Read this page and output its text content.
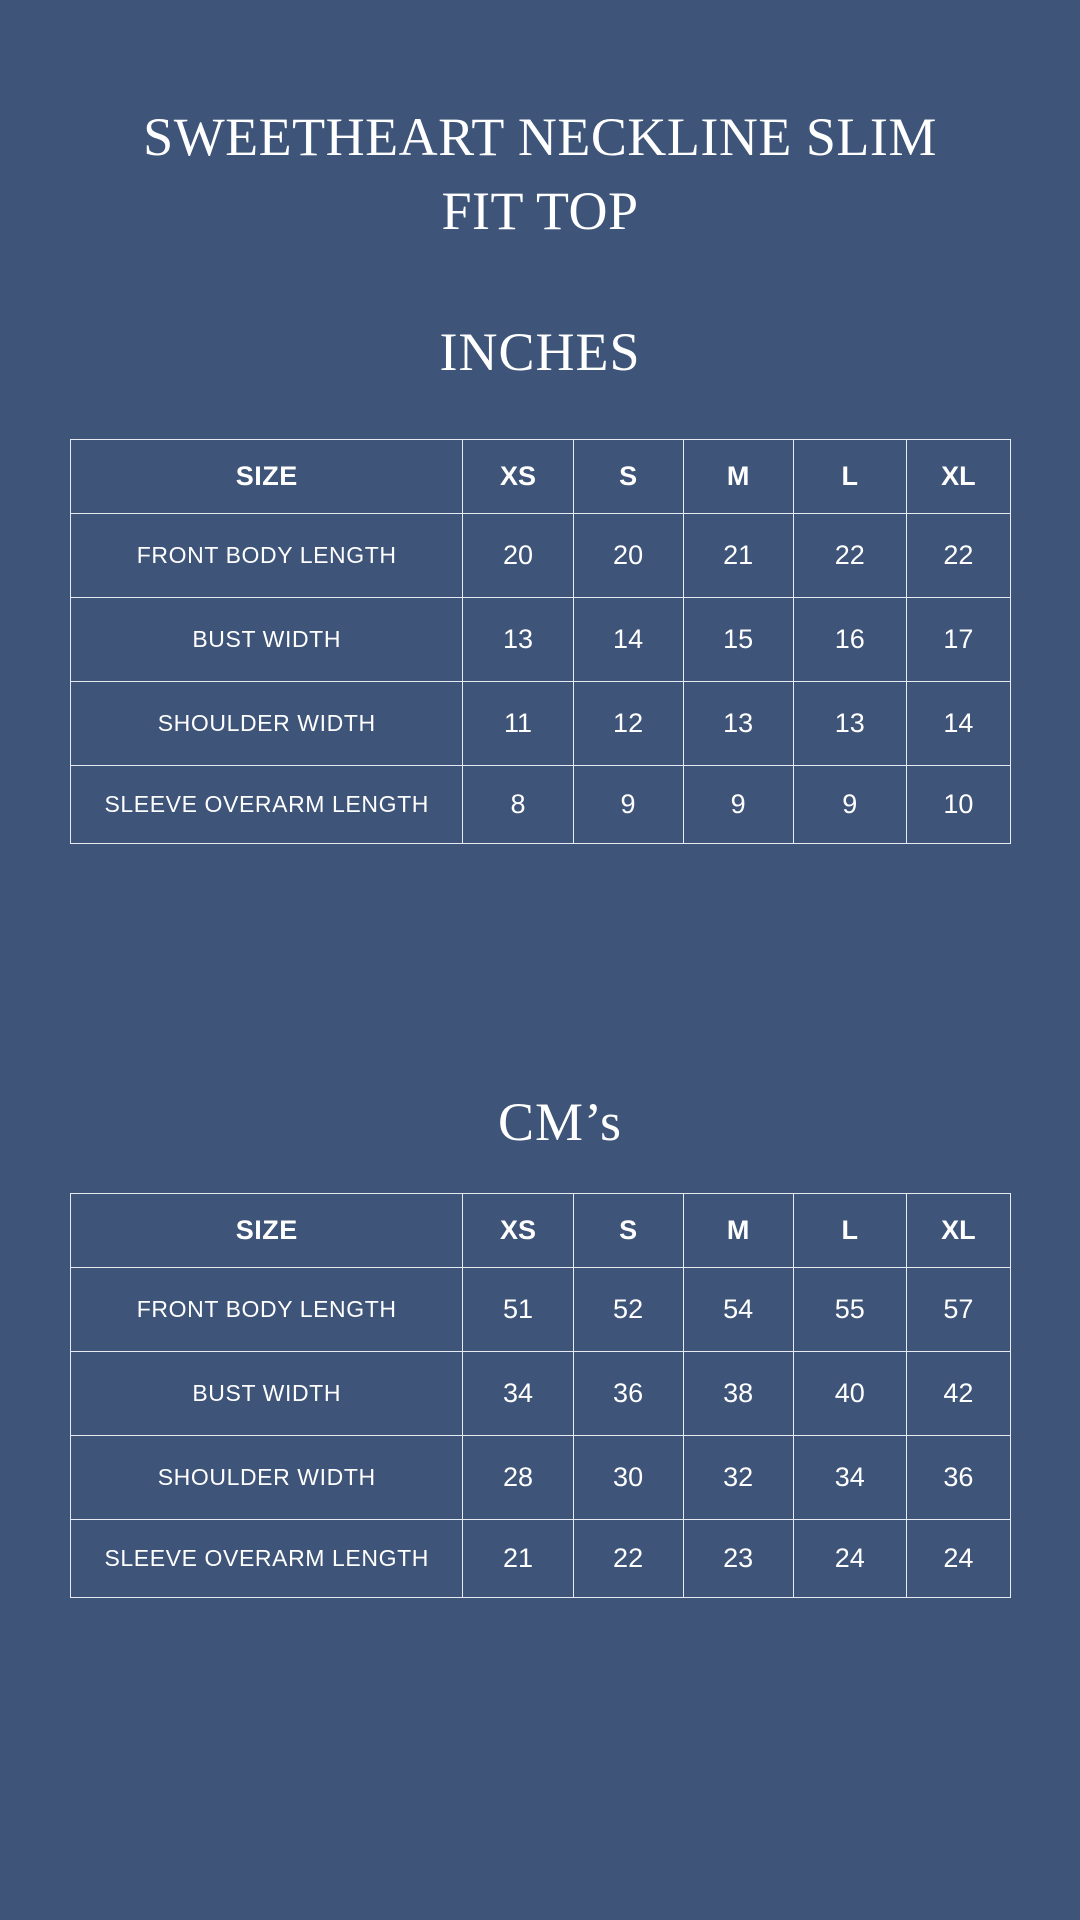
SWEETHEART NECKLINE SLIM
FIT TOP
INCHES
SIZE	XS	S	M	L	XL
FRONT BODY LENGTH	20	20	21	22	22
BUST WIDTH	13	14	15	16	17
SHOULDER WIDTH	11	12	13	13	14
SLEEVE OVERARM LENGTH	8	9	9	9	10
CM’s
SIZE	XS	S	M	L	XL
FRONT BODY LENGTH	51	52	54	55	57
BUST WIDTH	34	36	38	40	42
SHOULDER WIDTH	28	30	32	34	36
SLEEVE OVERARM LENGTH	21	22	23	24	24
